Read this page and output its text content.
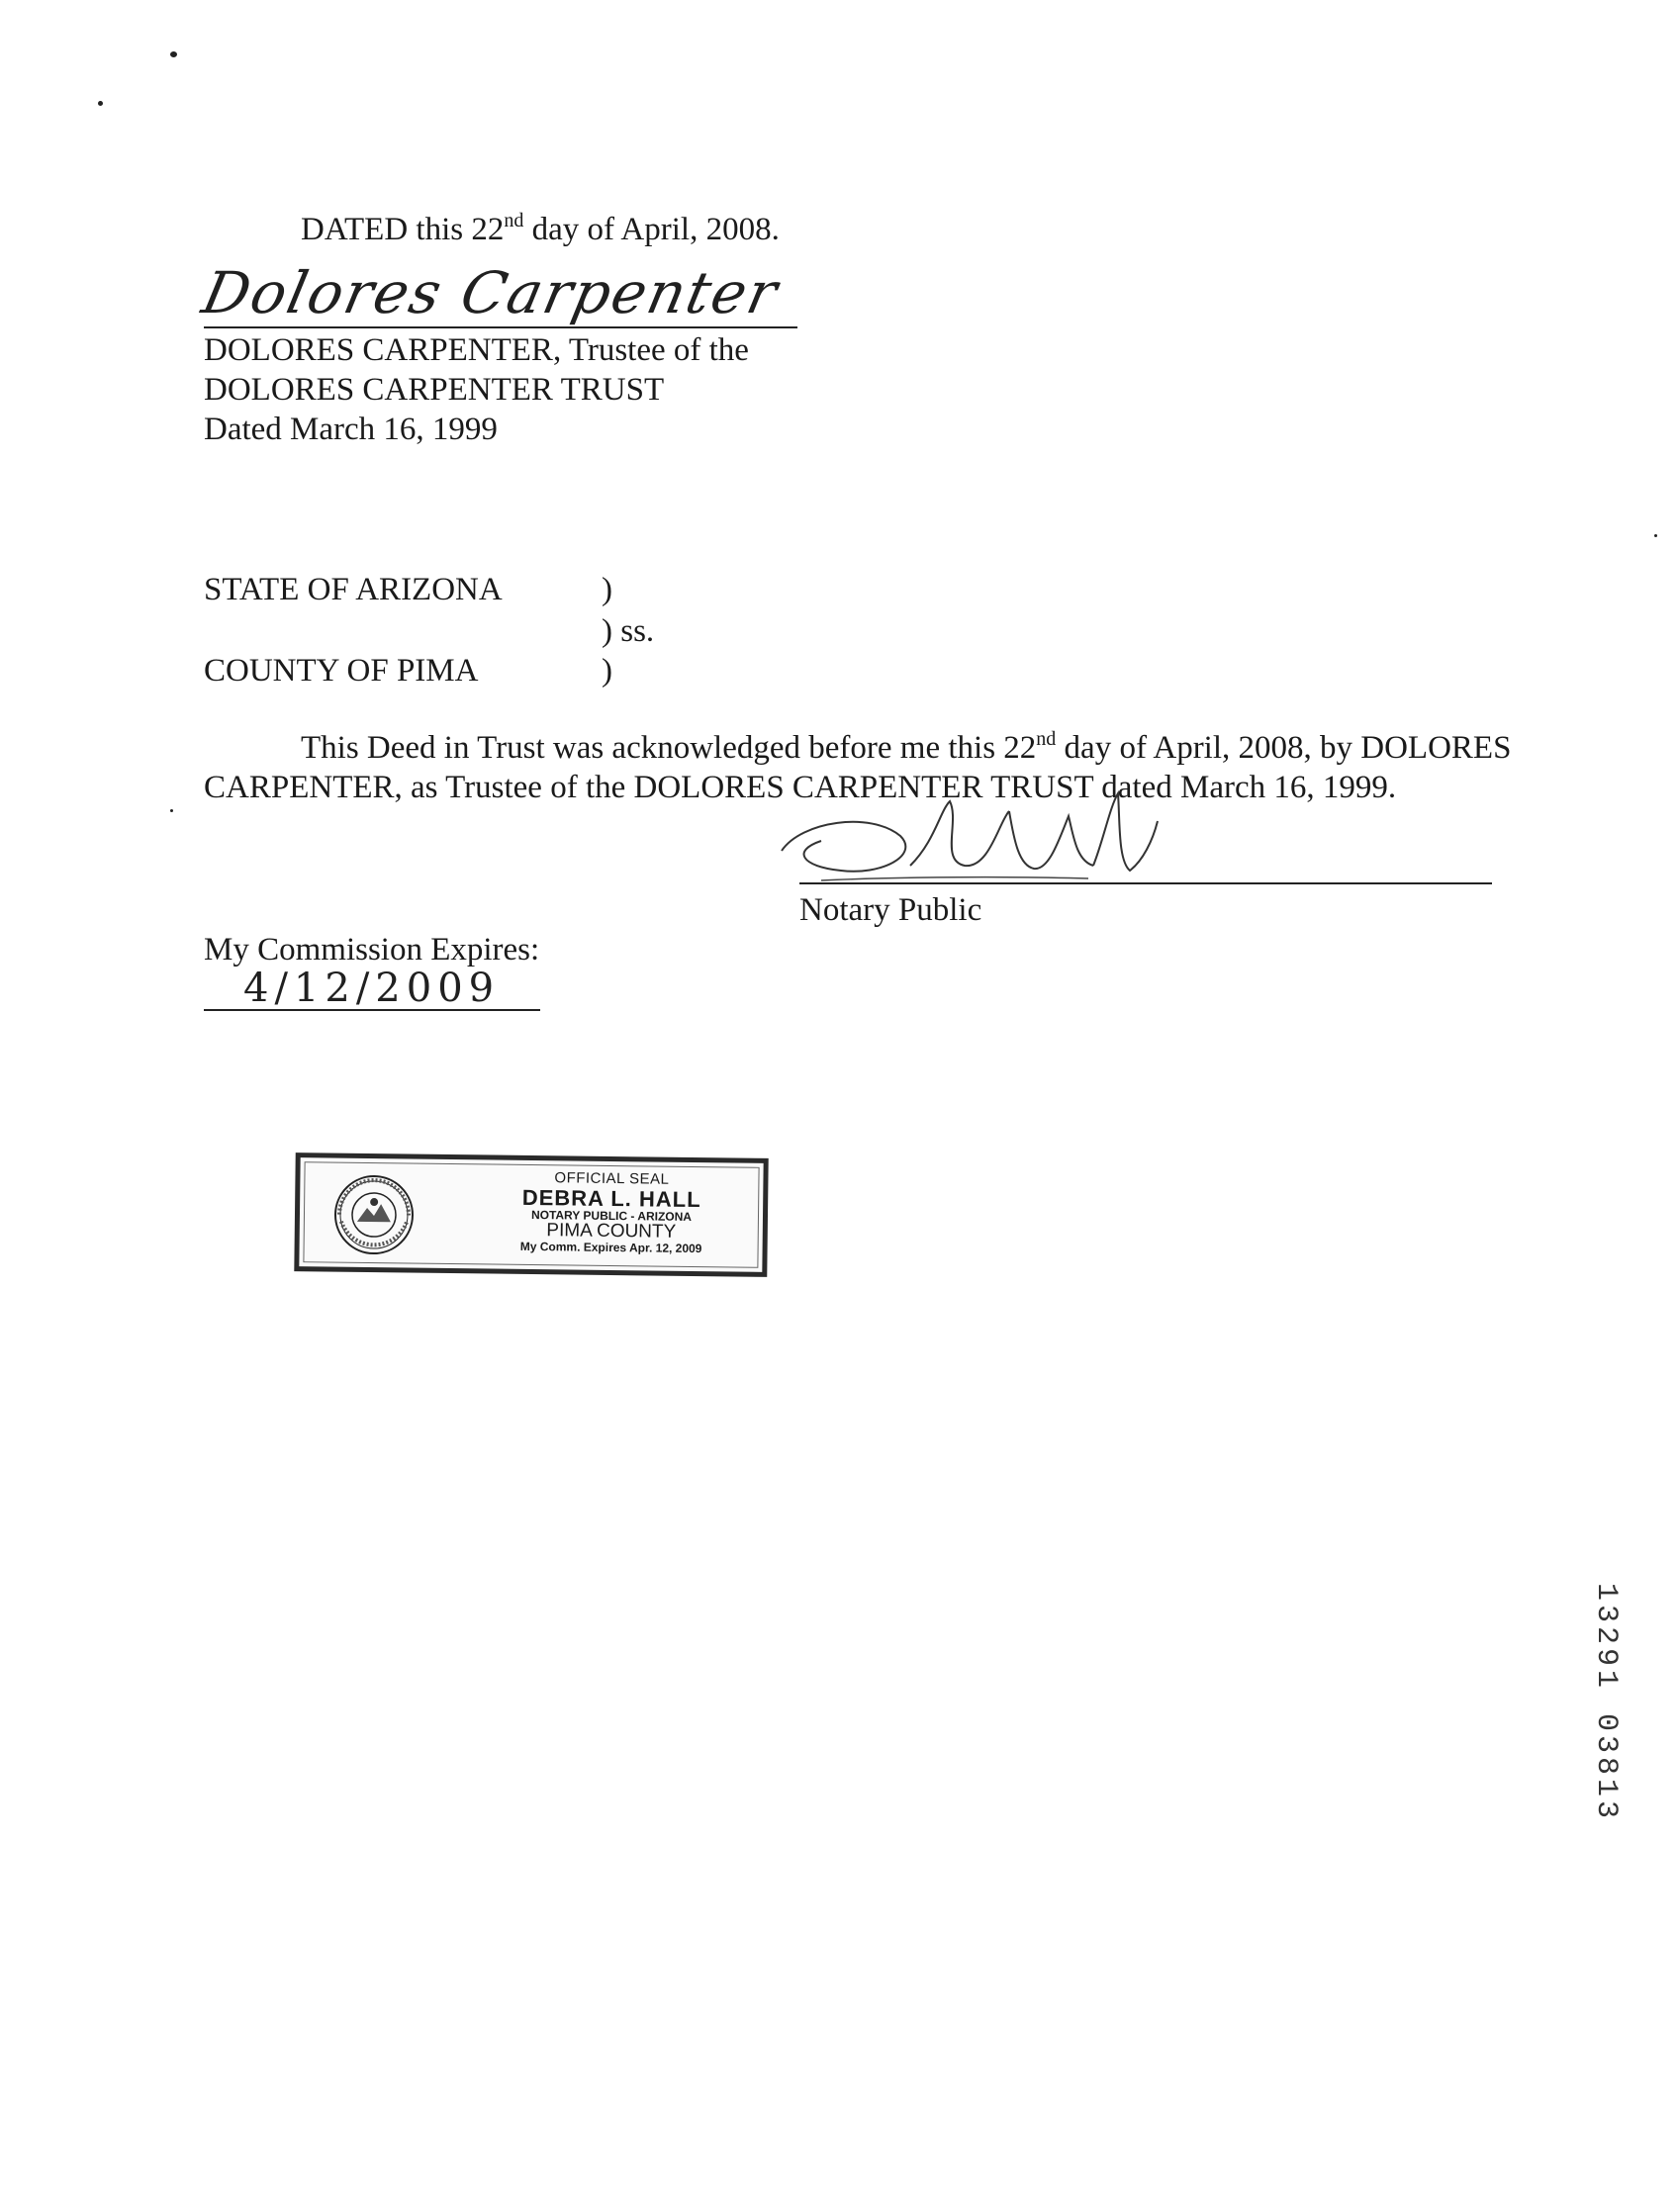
DATED this 22nd day of April, 2008.
Dolores Carpenter
DOLORES CARPENTER, Trustee of the
DOLORES CARPENTER TRUST
Dated March 16, 1999
STATE OF ARIZONA	)
) ss.
COUNTY OF PIMA	)
This Deed in Trust was acknowledged before me this 22nd day of April, 2008, by DOLORES
CARPENTER, as Trustee of the DOLORES CARPENTER TRUST dated March 16, 1999.
Notary Public
My Commission Expires:
4/12/2009
OFFICIAL SEAL
DEBRA L. HALL
NOTARY PUBLIC - ARIZONA
PIMA COUNTY
My Comm. Expires Apr. 12, 2009
13291 03813
